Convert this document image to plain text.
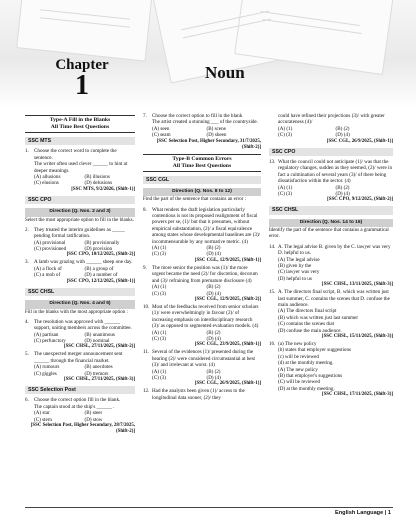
Chapter
1	Noun
Type-A Fill in the Blanks
All Time Best Questions
SSC MTS
1.	Choose the correct word to complete the sentence.
The writer often used clever ______ to hint at deeper meanings.
(A) allusions	(B) illusions
(C) elusions	(D) delusions
[SSC MTS, 9/2/2026, (Shift-1)]
SSC CPO
Direction (Q. Nos. 2 and 3)
Select the most appropriate option to fill in the blanks.
2.	They treated the interim guidelines as _____ pending formal ratification.
(A) provisional	(B) provisionally
(C) provisioned	(D) provision
[SSC CPO, 10/12/2025, (Shift-2)]
3.	A lamb was grazing with ______ sheep one day.
(A) a flock of	(B) a group of
(C) a mob of	(D) a number of
[SSC CPO, 12/12/2025, (Shift-1)]
SSC CHSL
Direction (Q. Nos. 4 and 5)
Fill in the blanks with the most appropriate option :
4.	The resolution was approved with ______ support, uniting members across the committee.
(A) partisan	(B) unanimous
(C) perfunctory	(D) nominal
[SSC CHSL, 27/11/2025, (Shift-2)]
5.	The unexpected merger announcement sent ______ through the financial market.
(A) rumours	(B) anecdotes
(C) giggles	(D) tremors
[SSC CHSL, 27/11/2025, (Shift-3)]
SSC Selection Post
6.	Choose the correct option fill in the blank.
The captain stood at the ship's ______ .
(A) star	(B) steer
(C) stern	(D) stow
[SSC Selection Post, Higher Secondary, 28/7/2025, (Shift-2)]
7.	Choose the correct option to fill in the blank
The artist created a stunning ___ of the countryside.
(A) seen	(B) scene
(C) seam	(D) sheen
[SSC Selection Post, Higher Secondary, 31/7/2025, (Shift-2)]
Type-B Common Errors
All Time Best Questions
SSC CGL
Direction (Q. Nos. 8 to 12)
Find the part of the sentence that contains an error :
8.	What renders the draft legislation particularly contentious is not its proposed realignment of fiscal powers per se, (1)/ but that it presumes, without empirical substantiation, (2)/ a fiscal equivalence among states whose developmental baselines are (3)/ incommensurable by any normative metric. (4)
(A) (1)	(B) (2)
(C) (3)	(D) (4)
[SSC CGL, 12/9/2025, (Shift-1)]
9.	The more senior the position was (1)/ the more urgent became the need (2)/ for discretion, decorum and (3)/ refraining from premature disclosure (4)
(A) (1)	(B) (2)
(C) (3)	(D) (4)
[SSC CGL, 12/9/2025, (Shift-2)]
10. Most of the feedbacks received from senior scholars (1)/ were overwhelmingly in favour (2)/ of increasing emphasis on interdisciplinary research (3)/ as opposed to segmented evaluation models. (4)
(A) (1)	(B) (2)
(C) (3)	(D) (4)
[SSC CGL, 23/9/2025, (Shift-1)]
11. Several of the evidences (1)/ presented during the hearing (2)/ were considered circumstantial at best (3)/ and irrelevant at worst. (4)
(A) (1)	(B) (2)
(C) (3)	(D) (4)
[SSC CGL, 26/9/2025, (Shift-1)]
12. Had the analysts been given (1)/ access to the longitudinal data sooner, (2)/ they
could have refined their projections (3)/ with greater accurateness (4)/
(A) (1)	(B) (2)
(C) (3)	(D) (4)
[SSC CGL, 26/9/2025, (Shift-1)]
SSC CPO
13. What the council could not anticipate (1)/ was that the regulatory changes, sudden as they seemed, (2)/ were in fact a culmination of several years (3)/ of there being dissatisfaction within the sector. (4)
(A) (1)	(B) (2)
(C) (3)	(D) (4)
[SSC CPO, 9/12/2025, (Shift-2)]
SSC CHSL
Direction (Q. Nos. 14 to 16)
Identify the part of the sentence that contains a grammatical error.
14. A. The legal advise B. given by the C. lawyer was very D. helpful to us.
(A) The legal advise
(B) given by the
(C) lawyer was very
(D) helpful to us
[SSC CHSL, 13/11/2025, (Shift-3)]
15. A. The directors final script, B. which was written just last summer, C. contains the scenes that D. confuse the main audience.
(A) The directors final script
(B) which was written just last summer
(C) contains the scenes that
(D) confuse the main audience.
[SSC CHSL, 15/11/2025, (Shift-3)]
16. (a) The new policy
(b) states that employer suggestions
(c) will be reviewed
(d) at the monthly meeting.
(A) The new policy
(B) that employer's suggestions
(C) will be reviewed
(D) at the monthly meeting.
[SSC CHSL, 17/11/2025, (Shift-3)]
English Language | 1
